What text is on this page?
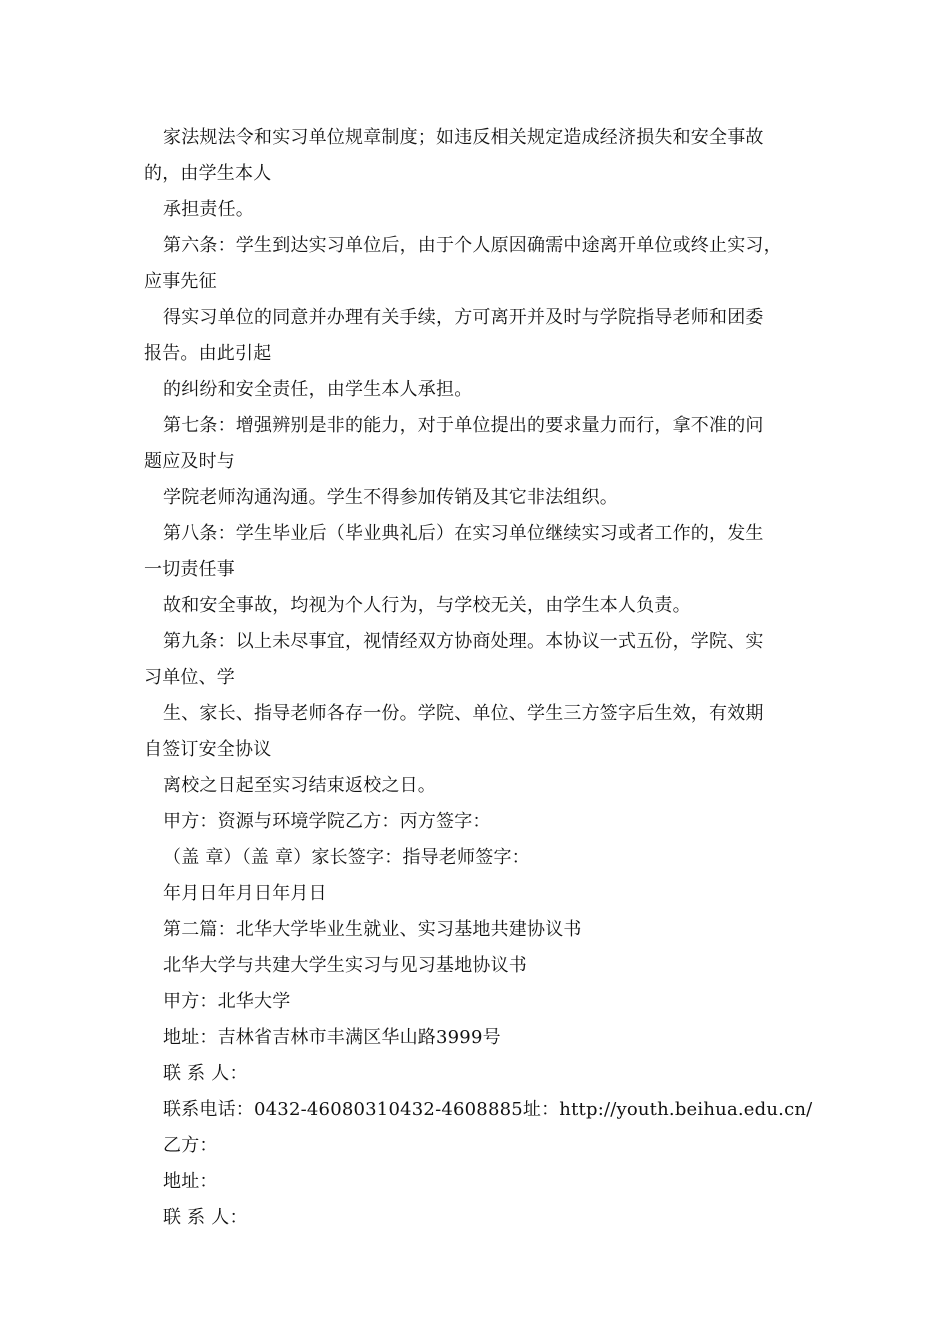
家法规法令和实习单位规章制度；如违反相关规定造成经济损失和安全事故
的，由学生本人
承担责任。
第六条：学生到达实习单位后，由于个人原因确需中途离开单位或终止实习，
应事先征
得实习单位的同意并办理有关手续，方可离开并及时与学院指导老师和团委
报告。由此引起
的纠纷和安全责任，由学生本人承担。
第七条：增强辨别是非的能力，对于单位提出的要求量力而行，拿不准的问
题应及时与
学院老师沟通沟通。学生不得参加传销及其它非法组织。
第八条：学生毕业后（毕业典礼后）在实习单位继续实习或者工作的，发生
一切责任事
故和安全事故，均视为个人行为，与学校无关，由学生本人负责。
第九条：以上未尽事宜，视情经双方协商处理。本协议一式五份，学院、实
习单位、学
生、家长、指导老师各存一份。学院、单位、学生三方签字后生效，有效期
自签订安全协议
离校之日起至实习结束返校之日。
甲方：资源与环境学院乙方：丙方签字：
（盖 章）（盖 章）家长签字：指导老师签字：
年月日年月日年月日
第二篇：北华大学毕业生就业、实习基地共建协议书
北华大学与共建大学生实习与见习基地协议书
甲方：北华大学
地址：吉林省吉林市丰满区华山路3999号
联 系 人：
联系电话：0432-46080310432-4608885址：http://youth.beihua.edu.cn/
乙方：
地址：
联 系 人：
